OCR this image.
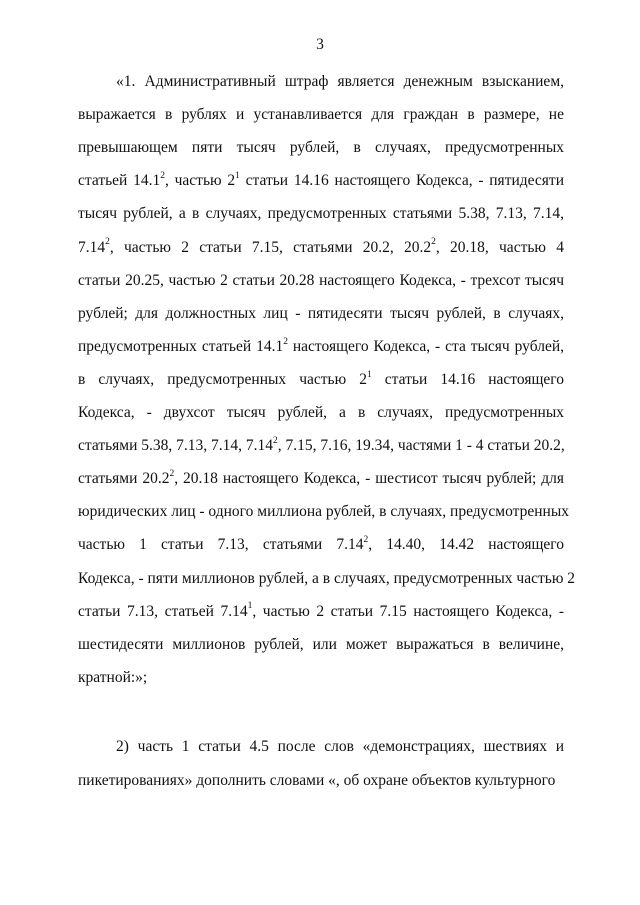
3
«1. Административный штраф является денежным взысканием,
выражается в рублях и устанавливается для граждан в размере, не
превышающем пяти тысяч рублей, в случаях, предусмотренных
статьей 14.1$^2$, частью $2^1$ статьи 14.16 настоящего Кодекса, - пятидесяти
тысяч рублей, а в случаях, предусмотренных статьями 5.38, 7.13, 7.14,
7.14$^2$, частью 2 статьи 7.15, статьями 20.2, 20.2$^2$, 20.18, частью 4
статьи 20.25, частью 2 статьи 20.28 настоящего Кодекса, - трехсот тысяч
рублей; для должностных лиц - пятидесяти тысяч рублей, в случаях,
предусмотренных статьей 14.1$^2$ настоящего Кодекса, - ста тысяч рублей,
в случаях, предусмотренных частью $2^1$ статьи 14.16 настоящего
Кодекса, - двухсот тысяч рублей, а в случаях, предусмотренных
статьями 5.38, 7.13, 7.14, 7.14$^2$, 7.15, 7.16, 19.34, частями 1 - 4 статьи 20.2,
статьями 20.2$^2$, 20.18 настоящего Кодекса, - шестисот тысяч рублей; для
юридических лиц - одного миллиона рублей, в случаях, предусмотренных
частью 1 статьи 7.13, статьями 7.14$^2$, 14.40, 14.42 настоящего
Кодекса, - пяти миллионов рублей, а в случаях, предусмотренных частью 2
статьи 7.13, статьей 7.14$^1$, частью 2 статьи 7.15 настоящего Кодекса, -
шестидесяти миллионов рублей, или может выражаться в величине,
кратной:»;
2) часть 1 статьи 4.5 после слов «демонстрациях, шествиях и
пикетированиях» дополнить словами «, об охране объектов культурного
